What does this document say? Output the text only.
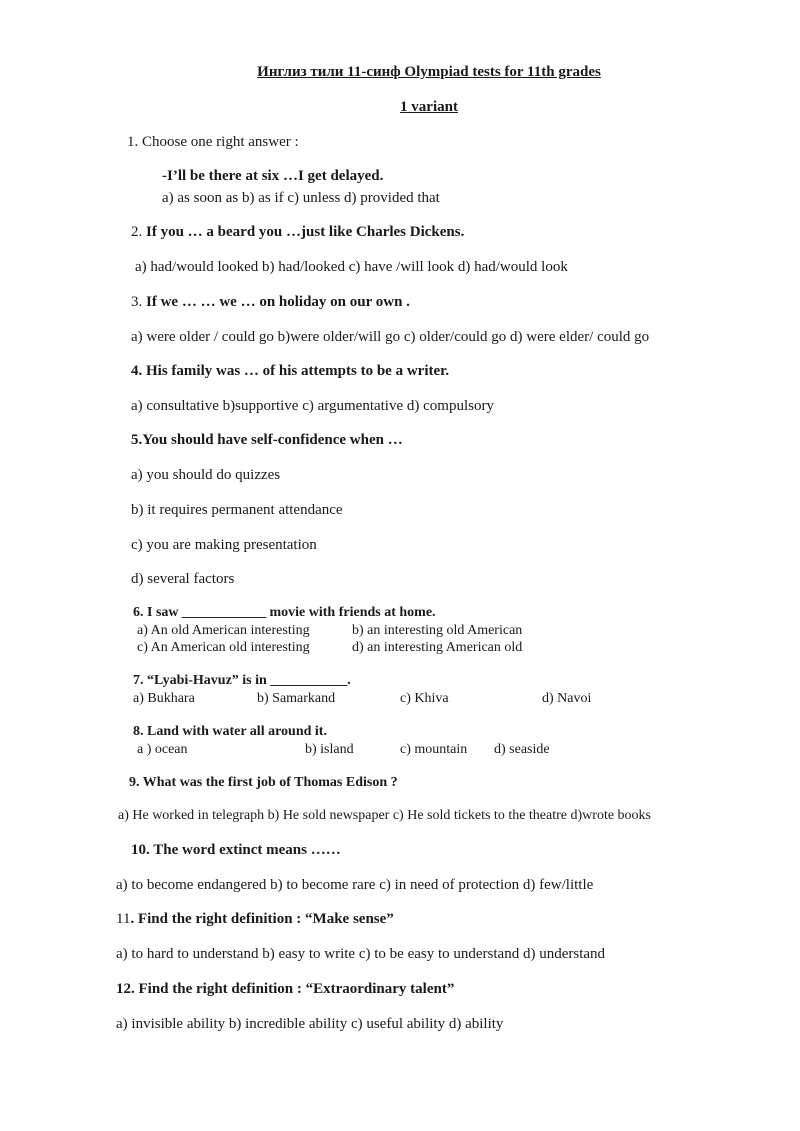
Инглиз тили 11-синф Olympiad tests for 11th grades
1 variant
1. Choose one right answer :
-I’ll be there at six …I get delayed.
a) as soon as b) as if c) unless d) provided that
2. If you … a beard you …just like Charles Dickens.
a) had/would looked b) had/looked c) have /will look d) had/would look
3. If we … … we … on holiday on our own .
a) were older / could go b)were older/will go c) older/could go d) were elder/ could go
4. His family was … of his attempts to be a writer.
a) consultative b)supportive c) argumentative d) compulsory
5.You should have self-confidence when …
a) you should do quizzes
b) it requires permanent attendance
c) you are making presentation
d) several factors
6. I saw ____________ movie with friends at home.
a) An old American interesting	b) an interesting old American
c) An American old interesting	d) an interesting American old
7. “Lyabi-Havuz” is in ___________.
a) Bukhara	b) Samarkand	c) Khiva	d) Navoi
8. Land with water all around it.
a ) ocean	b) island	c) mountain d) seaside
9. What was the first job of Thomas Edison ?
a) He worked in telegraph b) He sold newspaper c) He sold tickets to the theatre d)wrote books
10. The word extinct means ……
a) to become endangered b) to become rare c) in need of protection d) few/little
11. Find the right definition : “Make sense”
a) to hard to understand b) easy to write c) to be easy to understand d) understand
12. Find the right definition : “Extraordinary talent”
a) invisible ability b) incredible ability c) useful ability d) ability
